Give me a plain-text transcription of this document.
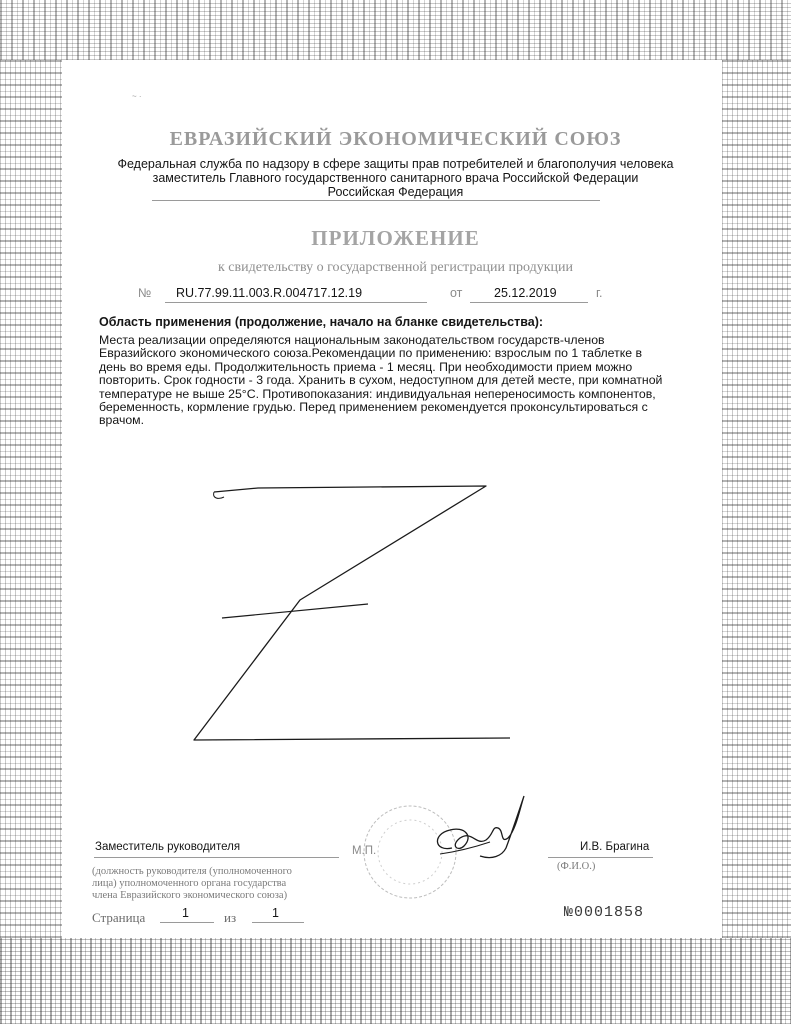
~ ·
ЕВРАЗИЙСКИЙ ЭКОНОМИЧЕСКИЙ СОЮЗ
Федеральная служба по надзору в сфере защиты прав потребителей и благополучия человека
заместитель Главного государственного санитарного врача Российской Федерации
Российская Федерация
ПРИЛОЖЕНИЕ
к свидетельству о государственной регистрации продукции
№ RU.77.99.11.003.R.004717.12.19	от	25.12.2019	г.
Область применения (продолжение, начало на бланке свидетельства):
Места реализации определяются национальным законодательством государств-членов
Евразийского экономического союза.Рекомендации по применению: взрослым по 1 таблетке в
день во время еды. Продолжительность приема - 1 месяц. При необходимости прием можно
повторить. Срок годности - 3 года. Хранить в сухом, недоступном для детей месте, при комнатной
температуре не выше 25°С. Противопоказания: индивидуальная непереносимость компонентов,
беременность, кормление грудью. Перед применением рекомендуется проконсультироваться с
врачом.
Заместитель руководителя	М.П.	И.В. Брагина
(Ф.И.О.)
(должность руководителя (уполномоченного
лица) уполномоченного органа государства
члена Евразийского экономического союза)
Страница	1	из	1	№0001858
